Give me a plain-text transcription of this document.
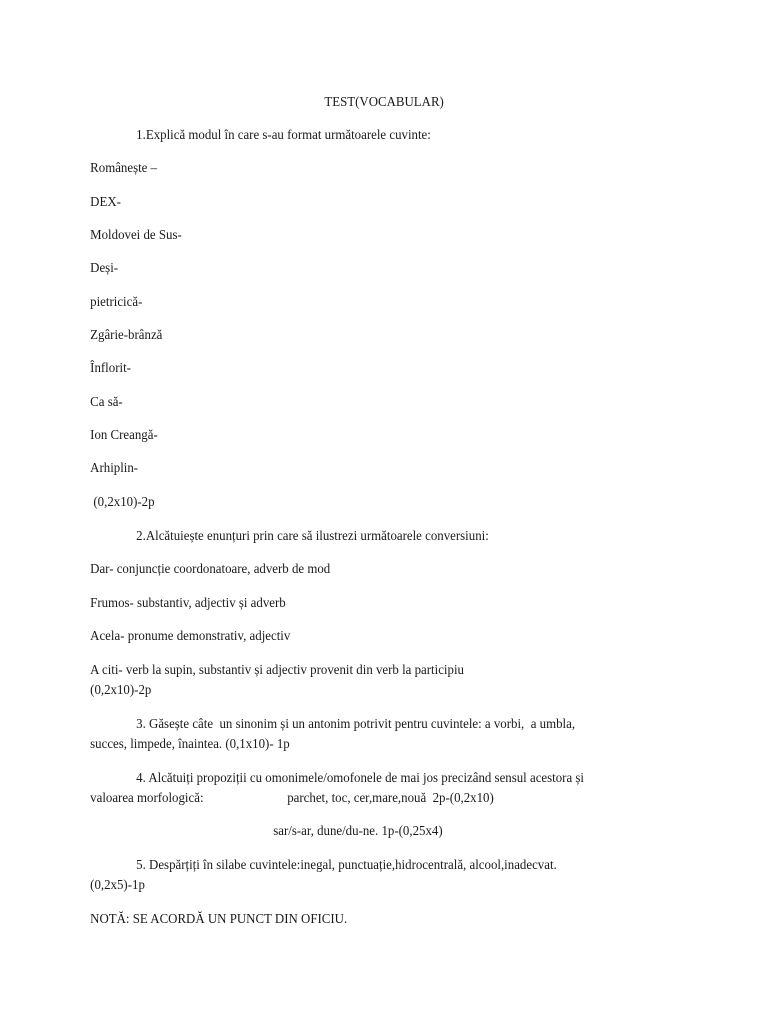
TEST(VOCABULAR)
1.Explică modul în care s-au format următoarele cuvinte:
Românește –
DEX-
Moldovei de Sus-
Deși-
pietricică-
Zgârie-brânză
Înflorit-
Ca să-
Ion Creangă-
Arhiplin-
(0,2x10)-2p
2.Alcătuiește enunțuri prin care să ilustrezi următoarele conversiuni:
Dar- conjuncție coordonatoare, adverb de mod
Frumos- substantiv, adjectiv și adverb
Acela- pronume demonstrativ, adjectiv
A citi- verb la supin, substantiv și adjectiv provenit din verb la participiu
(0,2x10)-2p
3. Găsește câte  un sinonim și un antonim potrivit pentru cuvintele: a vorbi,  a umbla,
succes, limpede, înaintea. (0,1x10)- 1p
4. Alcătuiți propoziții cu omonimele/omofonele de mai jos precizând sensul acestora și
valoarea morfologică:                          parchet, toc, cer,mare,nouă  2p-(0,2x10)
sar/s-ar, dune/du-ne. 1p-(0,25x4)
5. Despărțiți în silabe cuvintele:inegal, punctuație,hidrocentrală, alcool,inadecvat.
(0,2x5)-1p
NOTĂ: SE ACORDĂ UN PUNCT DIN OFICIU.
